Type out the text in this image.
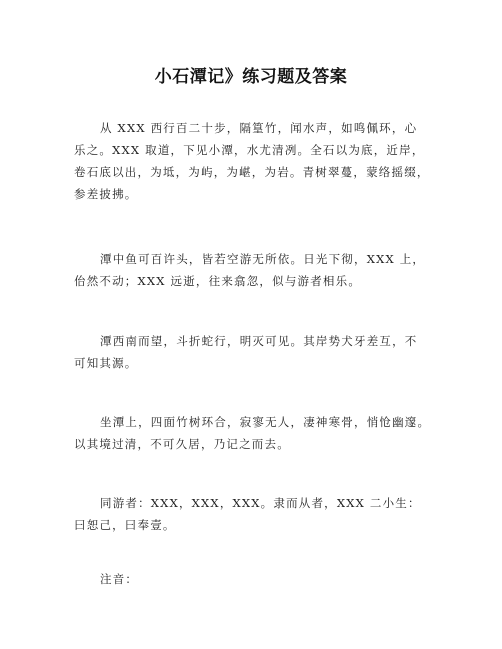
小石潭记》练习题及答案
从 XXX 西行百二十步，隔篁竹，闻水声，如鸣佩环，心
乐之。XXX 取道，下见小潭，水尤清冽。全石以为底，近岸，
卷石底以出，为坻，为屿，为嵁，为岩。青树翠蔓，蒙络摇缀，
参差披拂。
潭中鱼可百许头，皆若空游无所依。日光下彻，XXX 上，
佁然不动；XXX 远逝，往来翕忽，似与游者相乐。
潭西南而望，斗折蛇行，明灭可见。其岸势犬牙差互，不
可知其源。
坐潭上，四面竹树环合，寂寥无人，凄神寒骨，悄怆幽邃。
以其境过清，不可久居，乃记之而去。
同游者：XXX，XXX，XXX。隶而从者，XXX 二小生：
曰恕己，曰奉壹。
注音：
